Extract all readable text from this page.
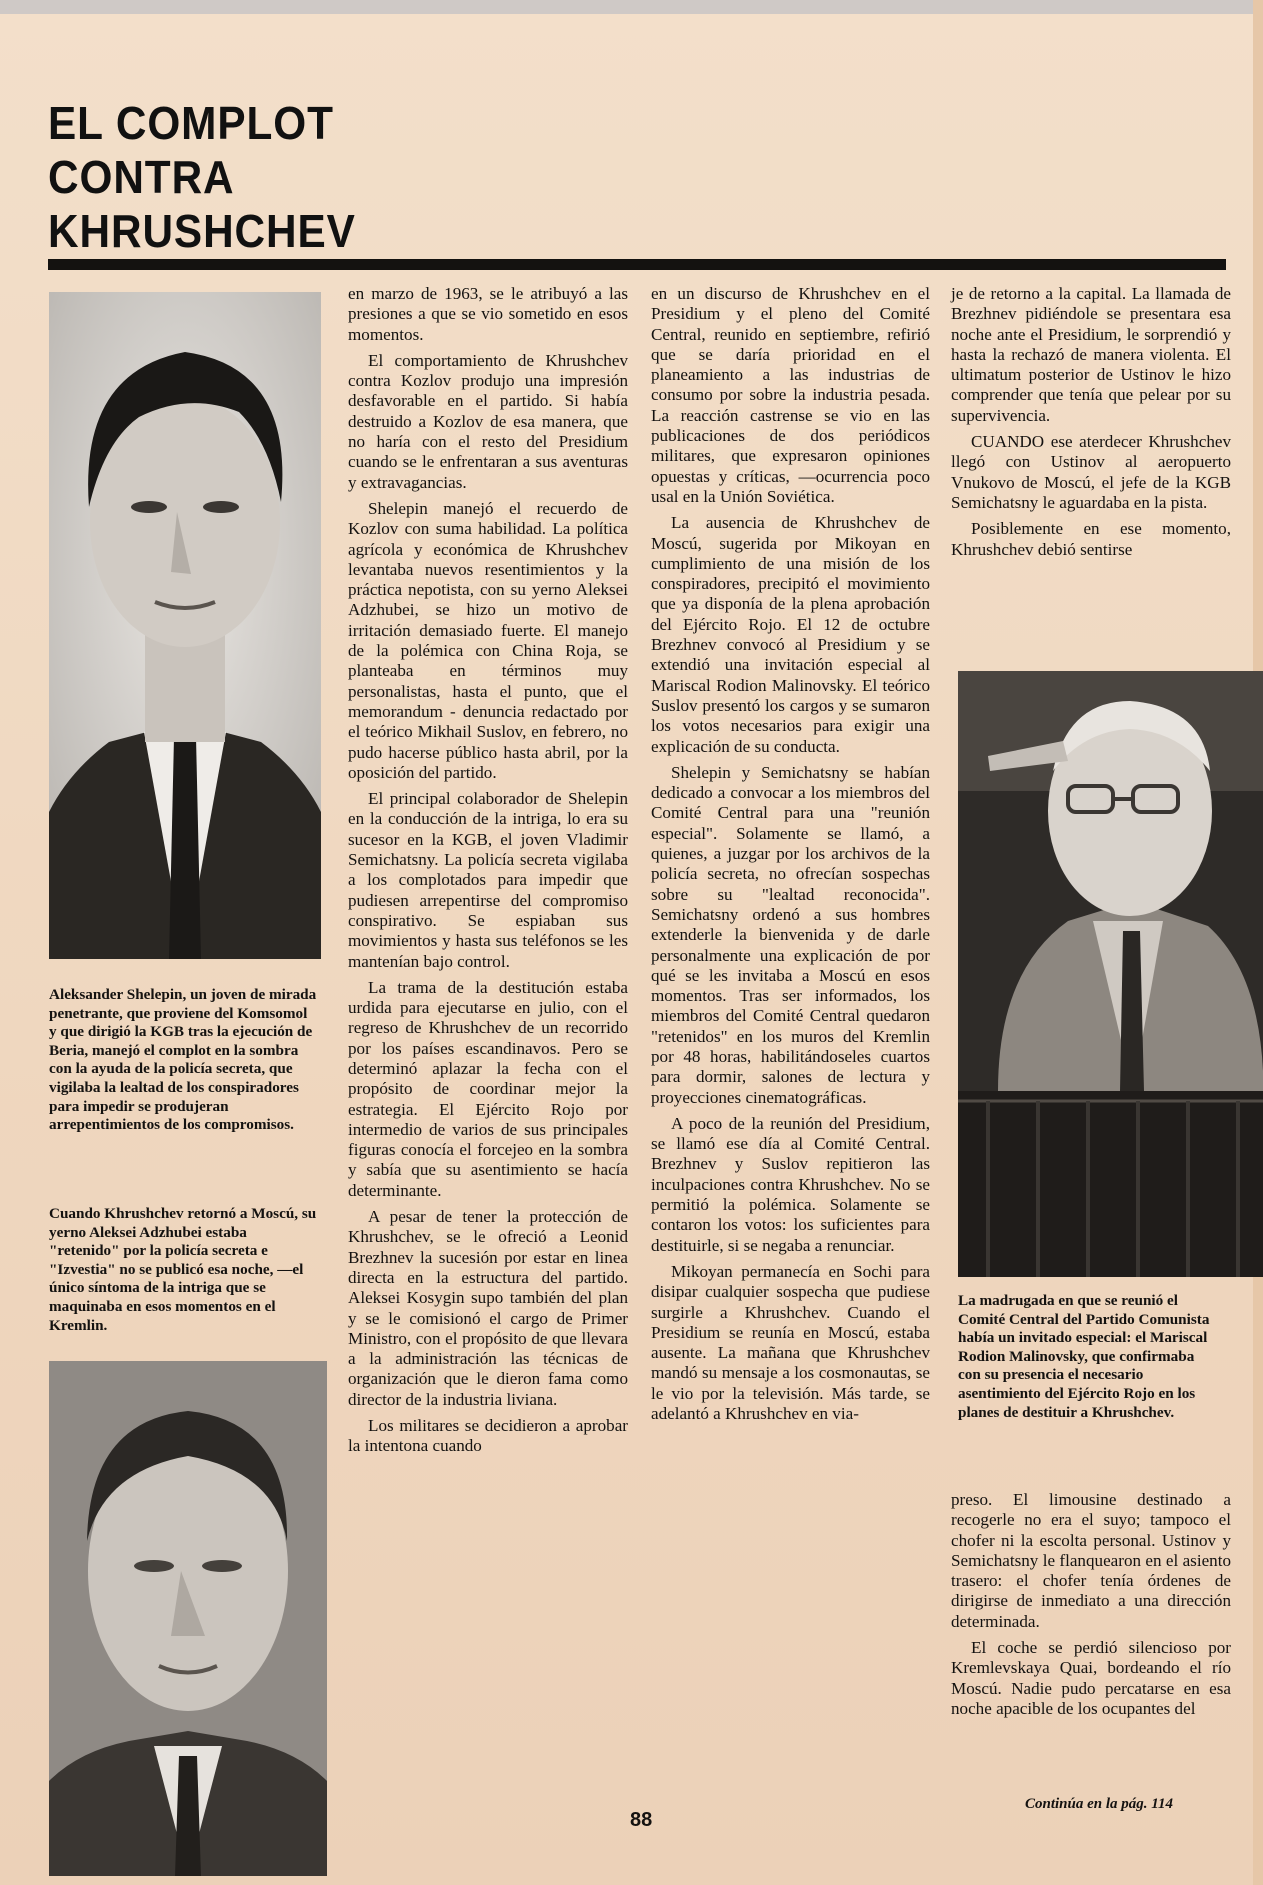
EL COMPLOT
CONTRA
KHRUSHCHEV

Aleksander Shelepin, un joven de mirada penetrante, que proviene del Komsomol y que dirigió la KGB tras la ejecución de Beria, manejó el complot en la sombra con la ayuda de la policía secreta, que vigilaba la lealtad de los conspiradores para impedir se produjeran arrepentimientos de los compromisos.

Cuando Khrushchev retornó a Moscú, su yerno Aleksei Adzhubei estaba "retenido" por la policía secreta e "Izvestia" no se publicó esa noche, —el único síntoma de la intriga que se maquinaba en esos momentos en el Kremlin.

La madrugada en que se reunió el Comité Central del Partido Comunista había un invitado especial: el Mariscal Rodion Malinovsky, que confirmaba con su presencia el necesario asentimiento del Ejército Rojo en los planes de destituir a Khrushchev.

en marzo de 1963, se le atribuyó a las presiones a que se vio sometido en esos momentos.

El comportamiento de Khrushchev contra Kozlov produjo una impresión desfavorable en el partido. Si había destruido a Kozlov de esa manera, que no haría con el resto del Presidium cuando se le enfrentaran a sus aventuras y extravagancias.

Shelepin manejó el recuerdo de Kozlov con suma habilidad. La política agrícola y económica de Khrushchev levantaba nuevos resentimientos y la práctica nepotista, con su yerno Aleksei Adzhubei, se hizo un motivo de irritación demasiado fuerte. El manejo de la polémica con China Roja, se planteaba en términos muy personalistas, hasta el punto, que el memorandum - denuncia redactado por el teórico Mikhail Suslov, en febrero, no pudo hacerse público hasta abril, por la oposición del partido.

El principal colaborador de Shelepin en la conducción de la intriga, lo era su sucesor en la KGB, el joven Vladimir Semichatsny. La policía secreta vigilaba a los complotados para impedir que pudiesen arrepentirse del compromiso conspirativo. Se espiaban sus movimientos y hasta sus teléfonos se les mantenían bajo control.

La trama de la destitución estaba urdida para ejecutarse en julio, con el regreso de Khrushchev de un recorrido por los países escandinavos. Pero se determinó aplazar la fecha con el propósito de coordinar mejor la estrategia. El Ejército Rojo por intermedio de varios de sus principales figuras conocía el forcejeo en la sombra y sabía que su asentimiento se hacía determinante.

A pesar de tener la protección de Khrushchev, se le ofreció a Leonid Brezhnev la sucesión por estar en linea directa en la estructura del partido. Aleksei Kosygin supo también del plan y se le comisionó el cargo de Primer Ministro, con el propósito de que llevara a la administración las técnicas de organización que le dieron fama como director de la industria liviana.

Los militares se decidieron a aprobar la intentona cuando

en un discurso de Khrushchev en el Presidium y el pleno del Comité Central, reunido en septiembre, refirió que se daría prioridad en el planeamiento a las industrias de consumo por sobre la industria pesada. La reacción castrense se vio en las publicaciones de dos periódicos militares, que expresaron opiniones opuestas y críticas, —ocurrencia poco usal en la Unión Soviética.

La ausencia de Khrushchev de Moscú, sugerida por Mikoyan en cumplimiento de una misión de los conspiradores, precipitó el movimiento que ya disponía de la plena aprobación del Ejército Rojo. El 12 de octubre Brezhnev convocó al Presidium y se extendió una invitación especial al Mariscal Rodion Malinovsky. El teórico Suslov presentó los cargos y se sumaron los votos necesarios para exigir una explicación de su conducta.

Shelepin y Semichatsny se habían dedicado a convocar a los miembros del Comité Central para una "reunión especial". Solamente se llamó, a quienes, a juzgar por los archivos de la policía secreta, no ofrecían sospechas sobre su "lealtad reconocida". Semichatsny ordenó a sus hombres extenderle la bienvenida y de darle personalmente una explicación de por qué se les invitaba a Moscú en esos momentos. Tras ser informados, los miembros del Comité Central quedaron "retenidos" en los muros del Kremlin por 48 horas, habilitándoseles cuartos para dormir, salones de lectura y proyecciones cinematográficas.

A poco de la reunión del Presidium, se llamó ese día al Comité Central. Brezhnev y Suslov repitieron las inculpaciones contra Khrushchev. No se permitió la polémica. Solamente se contaron los votos: los suficientes para destituirle, si se negaba a renunciar.

Mikoyan permanecía en Sochi para disipar cualquier sospecha que pudiese surgirle a Khrushchev. Cuando el Presidium se reunía en Moscú, estaba ausente. La mañana que Khrushchev mandó su mensaje a los cosmonautas, se le vio por la televisión. Más tarde, se adelantó a Khrushchev en via-

je de retorno a la capital. La llamada de Brezhnev pidiéndole se presentara esa noche ante el Presidium, le sorprendió y hasta la rechazó de manera violenta. El ultimatum posterior de Ustinov le hizo comprender que tenía que pelear por su supervivencia.

CUANDO ese aterdecer Khrushchev llegó con Ustinov al aeropuerto Vnukovo de Moscú, el jefe de la KGB Semichatsny le aguardaba en la pista.

Posiblemente en ese momento, Khrushchev debió sentirse

preso. El limousine destinado a recogerle no era el suyo; tampoco el chofer ni la escolta personal. Ustinov y Semichatsny le flanquearon en el asiento trasero: el chofer tenía órdenes de dirigirse de inmediato a una dirección determinada.

El coche se perdió silencioso por Kremlevskaya Quai, bordeando el río Moscú. Nadie pudo percatarse en esa noche apacible de los ocupantes del

88
Continúa en la pág. 114
